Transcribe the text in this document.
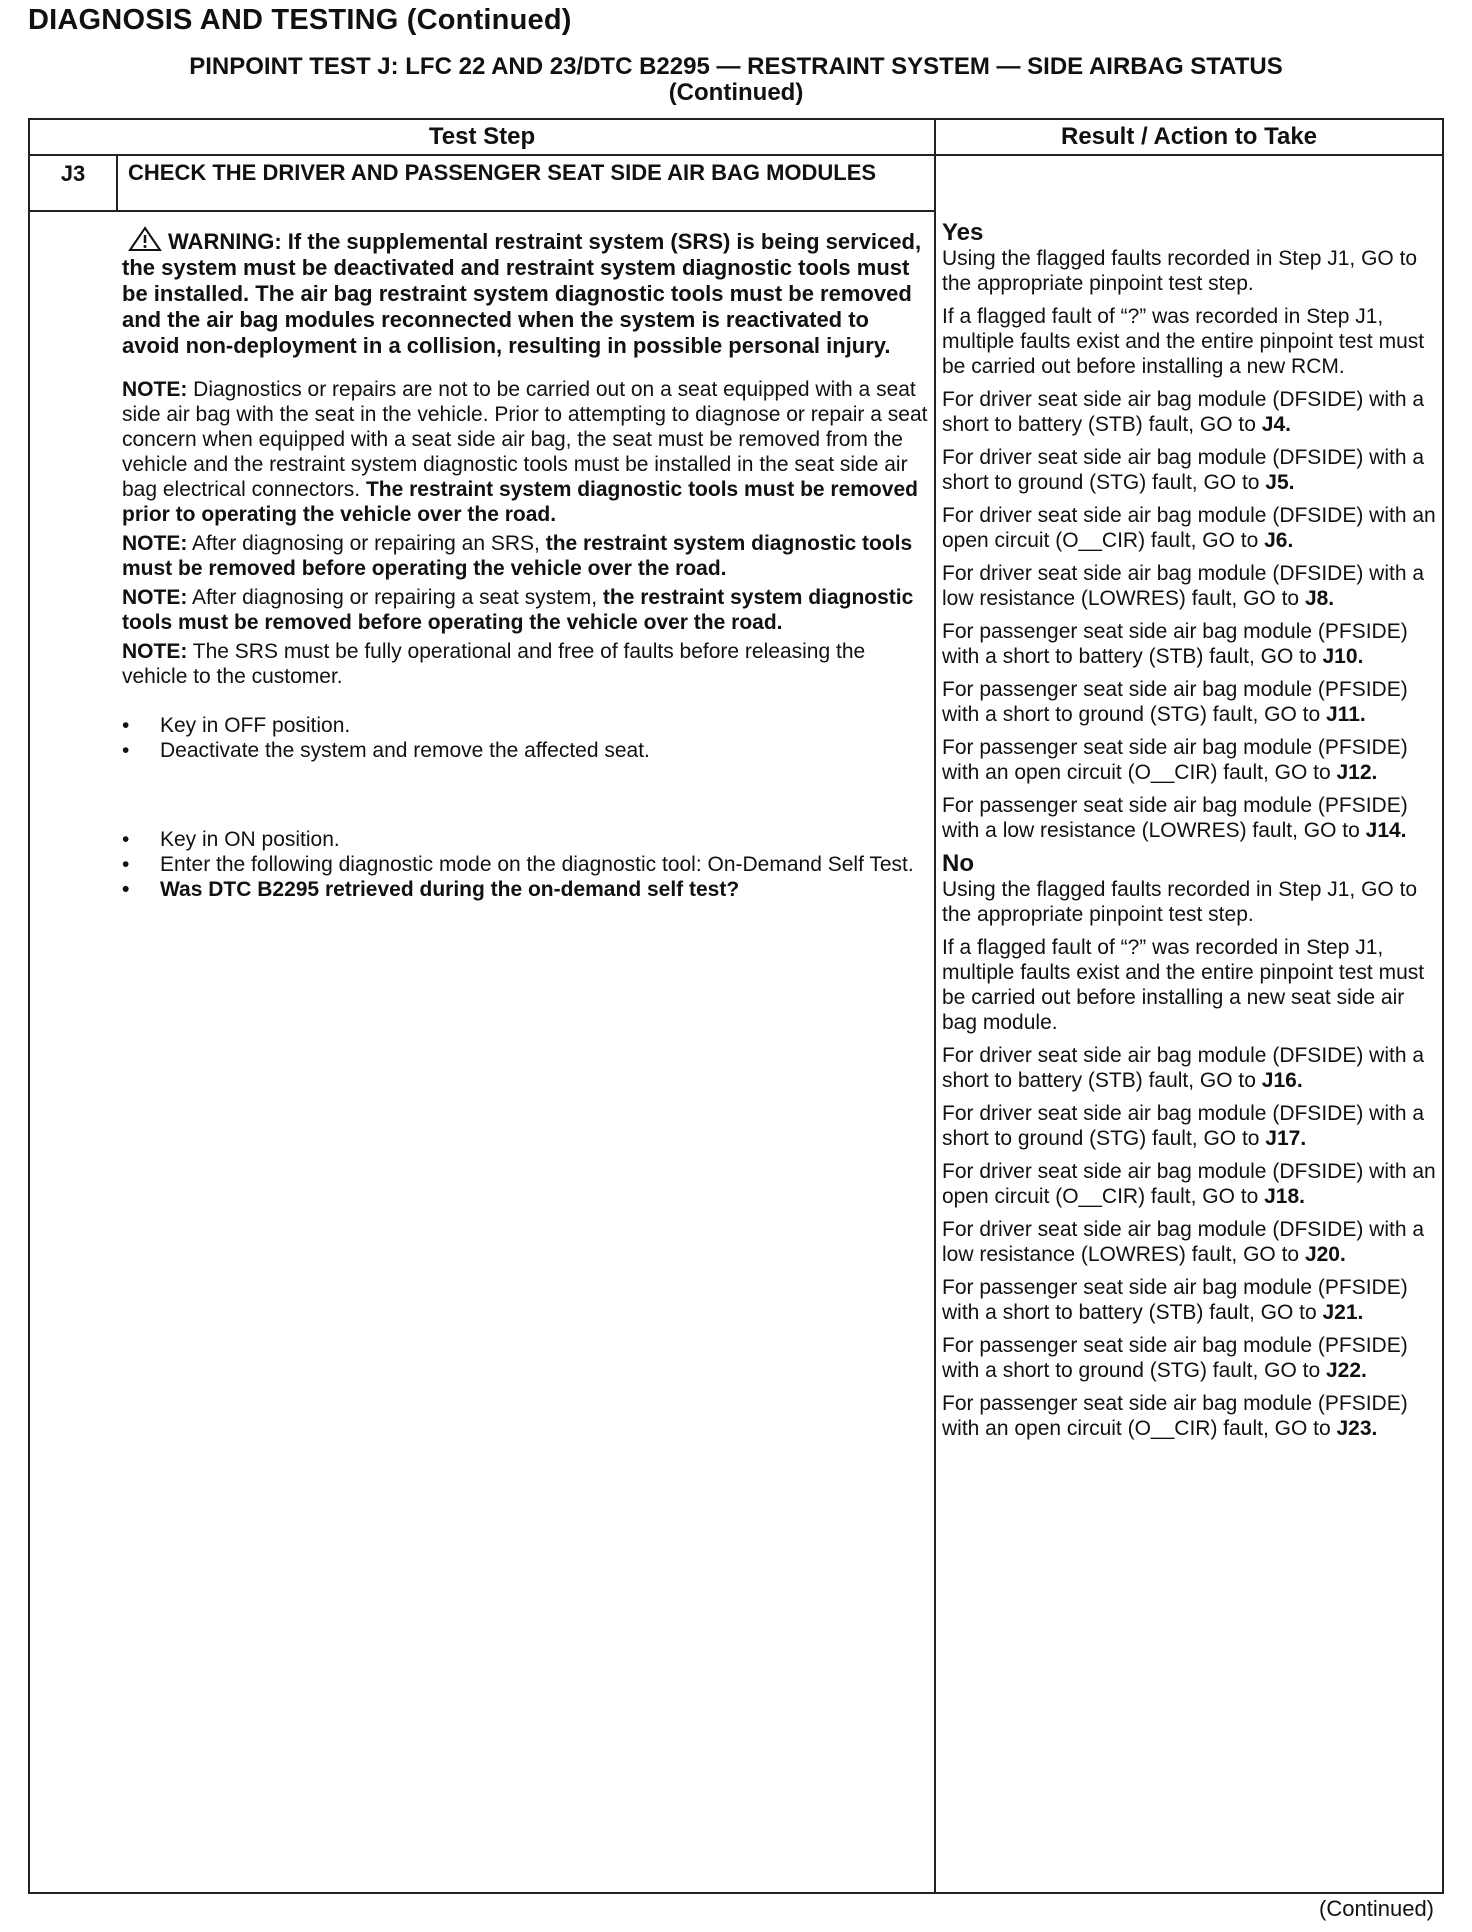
DIAGNOSIS AND TESTING (Continued)
PINPOINT TEST J: LFC 22 AND 23/DTC B2295 — RESTRAINT SYSTEM — SIDE AIRBAG STATUS
(Continued)
Test Step	Result / Action to Take
J3	CHECK THE DRIVER AND PASSENGER SEAT SIDE AIR BAG MODULES
WARNING: If the supplemental restraint system (SRS) is being serviced, the system must be deactivated and restraint system diagnostic tools must be installed. The air bag restraint system diagnostic tools must be removed and the air bag modules reconnected when the system is reactivated to avoid non-deployment in a collision, resulting in possible personal injury.
NOTE: Diagnostics or repairs are not to be carried out on a seat equipped with a seat side air bag with the seat in the vehicle. Prior to attempting to diagnose or repair a seat concern when equipped with a seat side air bag, the seat must be removed from the vehicle and the restraint system diagnostic tools must be installed in the seat side air bag electrical connectors. The restraint system diagnostic tools must be removed prior to operating the vehicle over the road.
NOTE: After diagnosing or repairing an SRS, the restraint system diagnostic tools must be removed before operating the vehicle over the road.
NOTE: After diagnosing or repairing a seat system, the restraint system diagnostic tools must be removed before operating the vehicle over the road.
NOTE: The SRS must be fully operational and free of faults before releasing the vehicle to the customer.
• Key in OFF position.
• Deactivate the system and remove the affected seat.
• Key in ON position.
• Enter the following diagnostic mode on the diagnostic tool: On-Demand Self Test.
• Was DTC B2295 retrieved during the on-demand self test?
Yes
Using the flagged faults recorded in Step J1, GO to the appropriate pinpoint test step.
If a flagged fault of “?” was recorded in Step J1, multiple faults exist and the entire pinpoint test must be carried out before installing a new RCM.
For driver seat side air bag module (DFSIDE) with a short to battery (STB) fault, GO to J4.
For driver seat side air bag module (DFSIDE) with a short to ground (STG) fault, GO to J5.
For driver seat side air bag module (DFSIDE) with an open circuit (O__CIR) fault, GO to J6.
For driver seat side air bag module (DFSIDE) with a low resistance (LOWRES) fault, GO to J8.
For passenger seat side air bag module (PFSIDE) with a short to battery (STB) fault, GO to J10.
For passenger seat side air bag module (PFSIDE) with a short to ground (STG) fault, GO to J11.
For passenger seat side air bag module (PFSIDE) with an open circuit (O__CIR) fault, GO to J12.
For passenger seat side air bag module (PFSIDE) with a low resistance (LOWRES) fault, GO to J14.
No
Using the flagged faults recorded in Step J1, GO to the appropriate pinpoint test step.
If a flagged fault of “?” was recorded in Step J1, multiple faults exist and the entire pinpoint test must be carried out before installing a new seat side air bag module.
For driver seat side air bag module (DFSIDE) with a short to battery (STB) fault, GO to J16.
For driver seat side air bag module (DFSIDE) with a short to ground (STG) fault, GO to J17.
For driver seat side air bag module (DFSIDE) with an open circuit (O__CIR) fault, GO to J18.
For driver seat side air bag module (DFSIDE) with a low resistance (LOWRES) fault, GO to J20.
For passenger seat side air bag module (PFSIDE) with a short to battery (STB) fault, GO to J21.
For passenger seat side air bag module (PFSIDE) with a short to ground (STG) fault, GO to J22.
For passenger seat side air bag module (PFSIDE) with an open circuit (O__CIR) fault, GO to J23.
(Continued)
